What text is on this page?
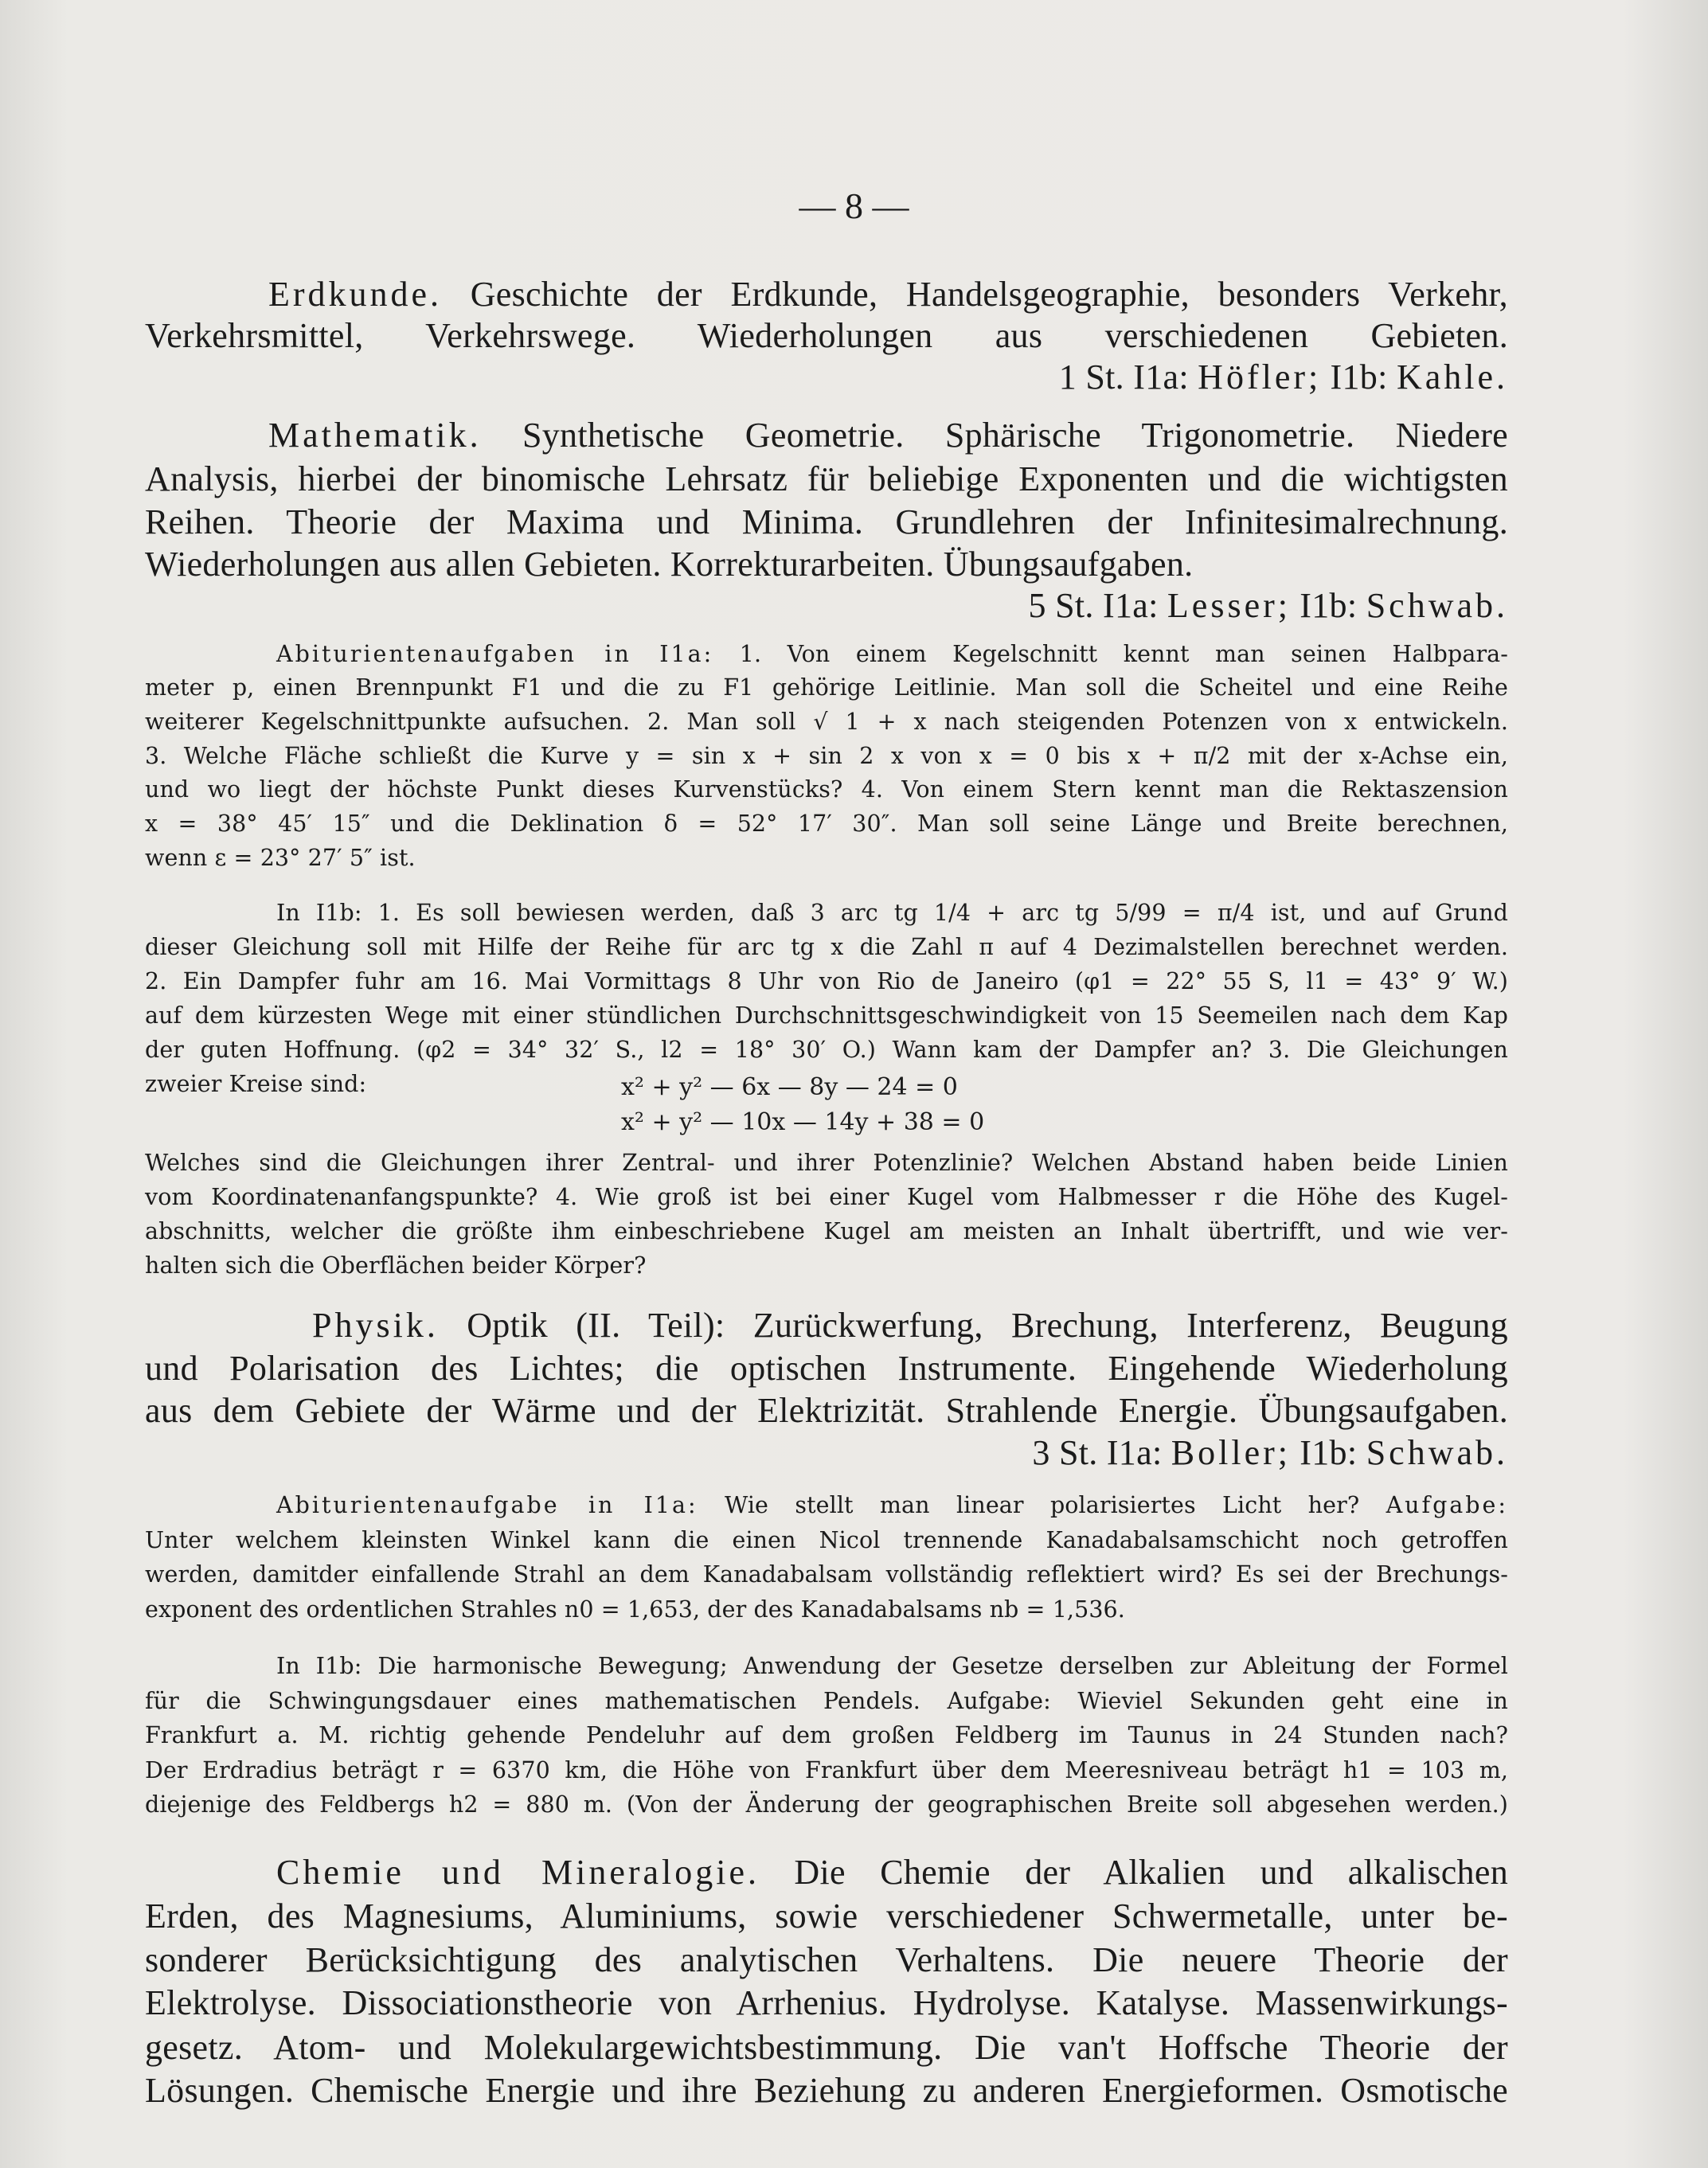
— 8 —
Erdkunde. Geschichte der Erdkunde, Handelsgeographie, besonders Verkehr,
Verkehrsmittel, Verkehrswege. Wiederholungen aus verschiedenen Gebieten.
1 St. I1a: Höfler; I1b: Kahle.
Mathematik. Synthetische Geometrie. Sphärische Trigonometrie. Niedere
Analysis, hierbei der binomische Lehrsatz für beliebige Exponenten und die wichtigsten
Reihen. Theorie der Maxima und Minima. Grundlehren der Infinitesimalrechnung.
Wiederholungen aus allen Gebieten. Korrekturarbeiten. Übungsaufgaben.
5 St. I1a: Lesser; I1b: Schwab.
Abiturientenaufgaben in I1a: 1. Von einem Kegelschnitt kennt man seinen Halbpara-
meter p, einen Brennpunkt F1 und die zu F1 gehörige Leitlinie. Man soll die Scheitel und eine Reihe
weiterer Kegelschnittpunkte aufsuchen. 2. Man soll √ 1 + x nach steigenden Potenzen von x entwickeln.
3. Welche Fläche schließt die Kurve y = sin x + sin 2 x von x = 0 bis x + π/2 mit der x-Achse ein,
und wo liegt der höchste Punkt dieses Kurvenstücks? 4. Von einem Stern kennt man die Rektaszension
x = 38° 45′ 15″ und die Deklination δ = 52° 17′ 30″. Man soll seine Länge und Breite berechnen,
wenn ε = 23° 27′ 5″ ist.
In I1b: 1. Es soll bewiesen werden, daß 3 arc tg 1/4 + arc tg 5/99 = π/4 ist, und auf Grund
dieser Gleichung soll mit Hilfe der Reihe für arc tg x die Zahl π auf 4 Dezimalstellen berechnet werden.
2. Ein Dampfer fuhr am 16. Mai Vormittags 8 Uhr von Rio de Janeiro (φ1 = 22° 55 S, l1 = 43° 9′ W.)
auf dem kürzesten Wege mit einer stündlichen Durchschnittsgeschwindigkeit von 15 Seemeilen nach dem Kap
der guten Hoffnung. (φ2 = 34° 32′ S., l2 = 18° 30′ O.) Wann kam der Dampfer an? 3. Die Gleichungen
zweier Kreise sind:	x² + y² — 6x — 8y — 24 = 0
x² + y² — 10x — 14y + 38 = 0
Welches sind die Gleichungen ihrer Zentral- und ihrer Potenzlinie? Welchen Abstand haben beide Linien
vom Koordinatenanfangspunkte? 4. Wie groß ist bei einer Kugel vom Halbmesser r die Höhe des Kugel-
abschnitts, welcher die größte ihm einbeschriebene Kugel am meisten an Inhalt übertrifft, und wie ver-
halten sich die Oberflächen beider Körper?
Physik. Optik (II. Teil): Zurückwerfung, Brechung, Interferenz, Beugung
und Polarisation des Lichtes; die optischen Instrumente. Eingehende Wiederholung
aus dem Gebiete der Wärme und der Elektrizität. Strahlende Energie. Übungsaufgaben.
3 St. I1a: Boller; I1b: Schwab.
Abiturientenaufgabe in I1a: Wie stellt man linear polarisiertes Licht her? Aufgabe:
Unter welchem kleinsten Winkel kann die einen Nicol trennende Kanadabalsamschicht noch getroffen
werden, damitder einfallende Strahl an dem Kanadabalsam vollständig reflektiert wird? Es sei der Brechungs-
exponent des ordentlichen Strahles n0 = 1,653, der des Kanadabalsams nb = 1,536.
In I1b: Die harmonische Bewegung; Anwendung der Gesetze derselben zur Ableitung der Formel
für die Schwingungsdauer eines mathematischen Pendels. Aufgabe: Wieviel Sekunden geht eine in
Frankfurt a. M. richtig gehende Pendeluhr auf dem großen Feldberg im Taunus in 24 Stunden nach?
Der Erdradius beträgt r = 6370 km, die Höhe von Frankfurt über dem Meeresniveau beträgt h1 = 103 m,
diejenige des Feldbergs h2 = 880 m. (Von der Änderung der geographischen Breite soll abgesehen werden.)
Chemie und Mineralogie. Die Chemie der Alkalien und alkalischen
Erden, des Magnesiums, Aluminiums, sowie verschiedener Schwermetalle, unter be-
sonderer Berücksichtigung des analytischen Verhaltens. Die neuere Theorie der
Elektrolyse. Dissociationstheorie von Arrhenius. Hydrolyse. Katalyse. Massenwirkungs-
gesetz. Atom- und Molekulargewichtsbestimmung. Die van't Hoffsche Theorie der
Lösungen. Chemische Energie und ihre Beziehung zu anderen Energieformen. Osmotische
